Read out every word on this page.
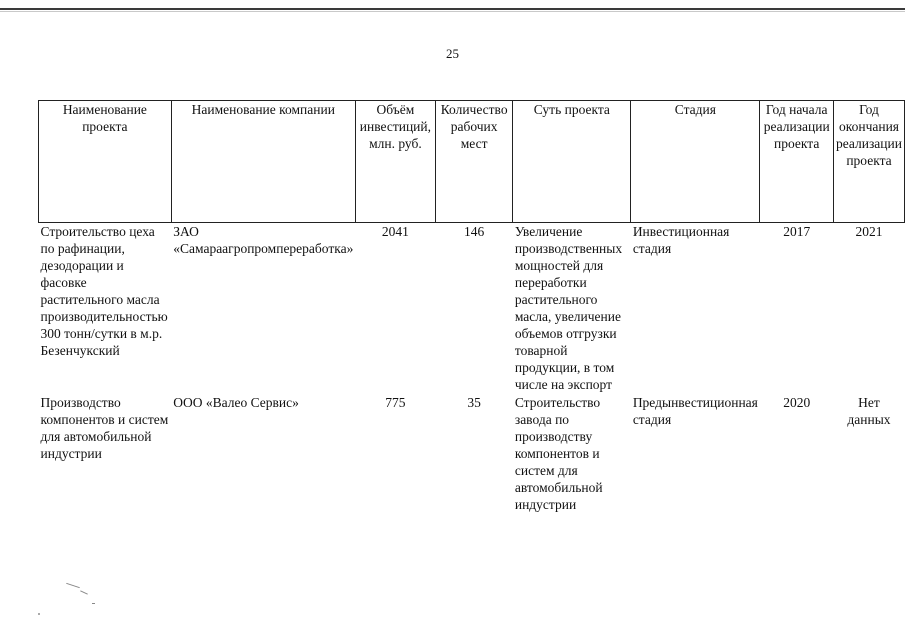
25
Наименование проекта	Наименование компании	Объём инвестиций, млн. руб.	Количество рабочих мест	Суть проекта	Стадия	Год начала реализации проекта	Год окончания реализации проекта
Строительство цеха по рафинации, дезодорации и фасовке растительного масла производительностью 300 тонн/сутки в м.р. Безенчукский	ЗАО «Самараагропромпереработка»	2041	146	Увеличение производственных мощностей для переработки растительного масла, увеличение объемов отгрузки товарной продукции, в том числе на экспорт	Инвестиционная стадия	2017	2021
Производство компонентов и систем для автомобильной индустрии	ООО «Валео Сервис»	775	35	Строительство завода по производству компонентов и систем для автомобильной индустрии	Предынвестиционная стадия	2020	Нет данных
